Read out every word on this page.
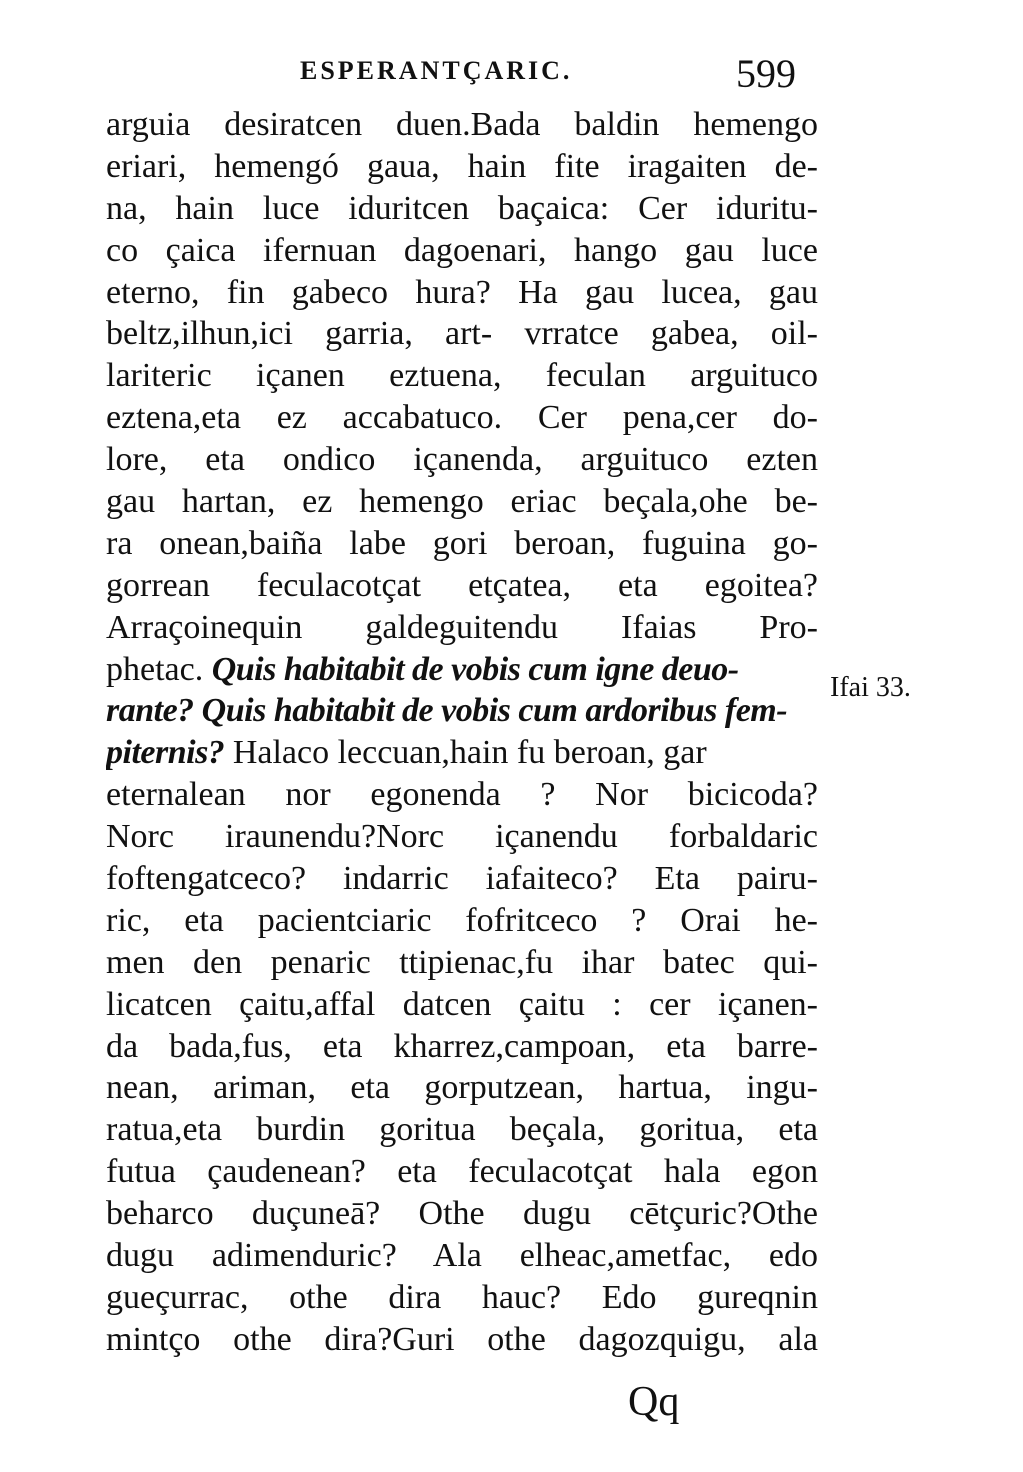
ESPERANTÇARIC.	599
arguia desiratcen duen.Bada baldin hemengo
eriari, hemengó gaua, hain fite iragaiten de-
na, hain luce iduritcen baçaica: Cer iduritu-
co çaica ifernuan dagoenari, hango gau luce
eterno, fin gabeco hura? Ha gau lucea, gau
beltz,ilhun,ici garria, art- vrratce gabea, oil-
lariteric içanen eztuena, feculan arguituco
eztena,eta ez accabatuco. Cer pena,cer do-
lore, eta ondico içanenda, arguituco ezten
gau hartan, ez hemengo eriac beçala,ohe be-
ra onean,baiña labe gori beroan, fuguina go-
gorrean feculacotçat etçatea, eta egoitea?
Arraçoinequin galdeguitendu Ifaias Pro-
phetac. Quis habitabit de vobis cum igne deuo-
rante? Quis habitabit de vobis cum ardoribus fem-
piternis? Halaco leccuan,hain fu beroan, gar
eternalean nor egonenda ? Nor bicicoda?
Norc iraunendu?Norc içanendu forbaldaric
foftengatceco? indarric iafaiteco? Eta pairu-
ric, eta pacientciaric fofritceco ? Orai he-
men den penaric ttipienac,fu ihar batec qui-
licatcen çaitu,affal datcen çaitu : cer içanen-
da bada,fus, eta kharrez,campoan, eta barre-
nean, ariman, eta gorputzean, hartua, ingu-
ratua,eta burdin goritua beçala, goritua, eta
futua çaudenean? eta feculacotçat hala egon
beharco duçuneā? Othe dugu cētçuric?Othe
dugu adimenduric? Ala elheac,ametfac, edo
gueçurrac, othe dira hauc? Edo gureqnin
mintço othe dira?Guri othe dagozquigu, ala
Ifai 33.
Qq
